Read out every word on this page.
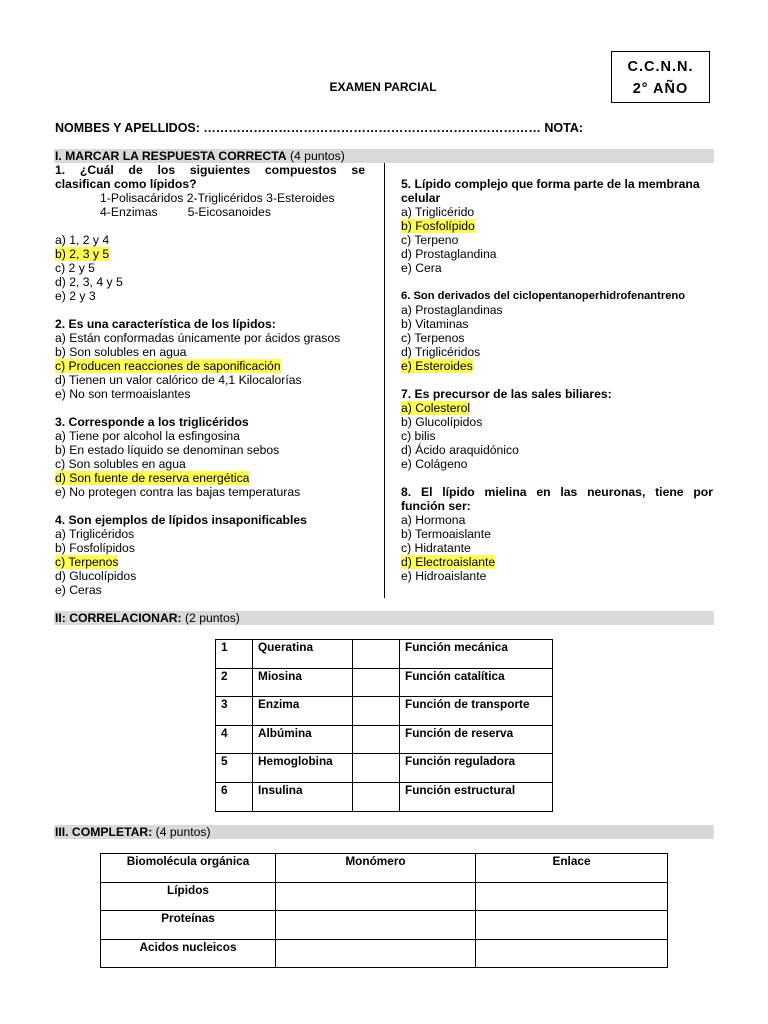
C.C.N.N.
2° AÑO
EXAMEN PARCIAL
NOMBES Y APELLIDOS: ……………………………………………………………………… NOTA:
I. MARCAR LA RESPUESTA CORRECTA (4 puntos)
1. ¿Cuál de los siguientes compuestos se
clasifican como lípidos?
1-Polisacáridos 2-Triglicéridos 3-Esteroides
4-Enzimas 5-Eicosanoides
a) 1, 2 y 4
b) 2, 3 y 5
c) 2 y 5
d) 2, 3, 4 y 5
e) 2 y 3
2. Es una característica de los lípidos:
a) Están conformadas únicamente por ácidos grasos
b) Son solubles en agua
c) Producen reacciones de saponificación
d) Tienen un valor calórico de 4,1 Kilocalorías
e) No son termoaislantes
3. Corresponde a los triglicéridos
a) Tiene por alcohol la esfingosina
b) En estado líquido se denominan sebos
c) Son solubles en agua
d) Son fuente de reserva energética
e) No protegen contra las bajas temperaturas
4. Son ejemplos de lípidos insaponificables
a) Triglicéridos
b) Fosfolípidos
c) Terpenos
d) Glucolípidos
e) Ceras
5. Lípido complejo que forma parte de la membrana
celular
a) Triglicérido
b) Fosfolípido
c) Terpeno
d) Prostaglandina
e) Cera
6. Son derivados del ciclopentanoperhidrofenantreno
a) Prostaglandinas
b) Vitaminas
c) Terpenos
d) Triglicéridos
e) Esteroides
7. Es precursor de las sales biliares:
a) Colesterol
b) Glucolípidos
c) bilis
d) Ácido araquidónico
e) Colágeno
8. El lípido mielina en las neuronas, tiene por
función ser:
a) Hormona
b) Termoaislante
c) Hidratante
d) Electroaislante
e) Hidroaislante
II: CORRELACIONAR: (2 puntos)
1	Queratina		Función mecánica
2	Miosina		Función catalítica
3	Enzima		Función de transporte
4	Albúmina		Función de reserva
5	Hemoglobina		Función reguladora
6	Insulina		Función estructural
III. COMPLETAR: (4 puntos)
Biomolécula orgánica	Monómero	Enlace
Lípidos		
Proteínas		
Acidos nucleicos		
